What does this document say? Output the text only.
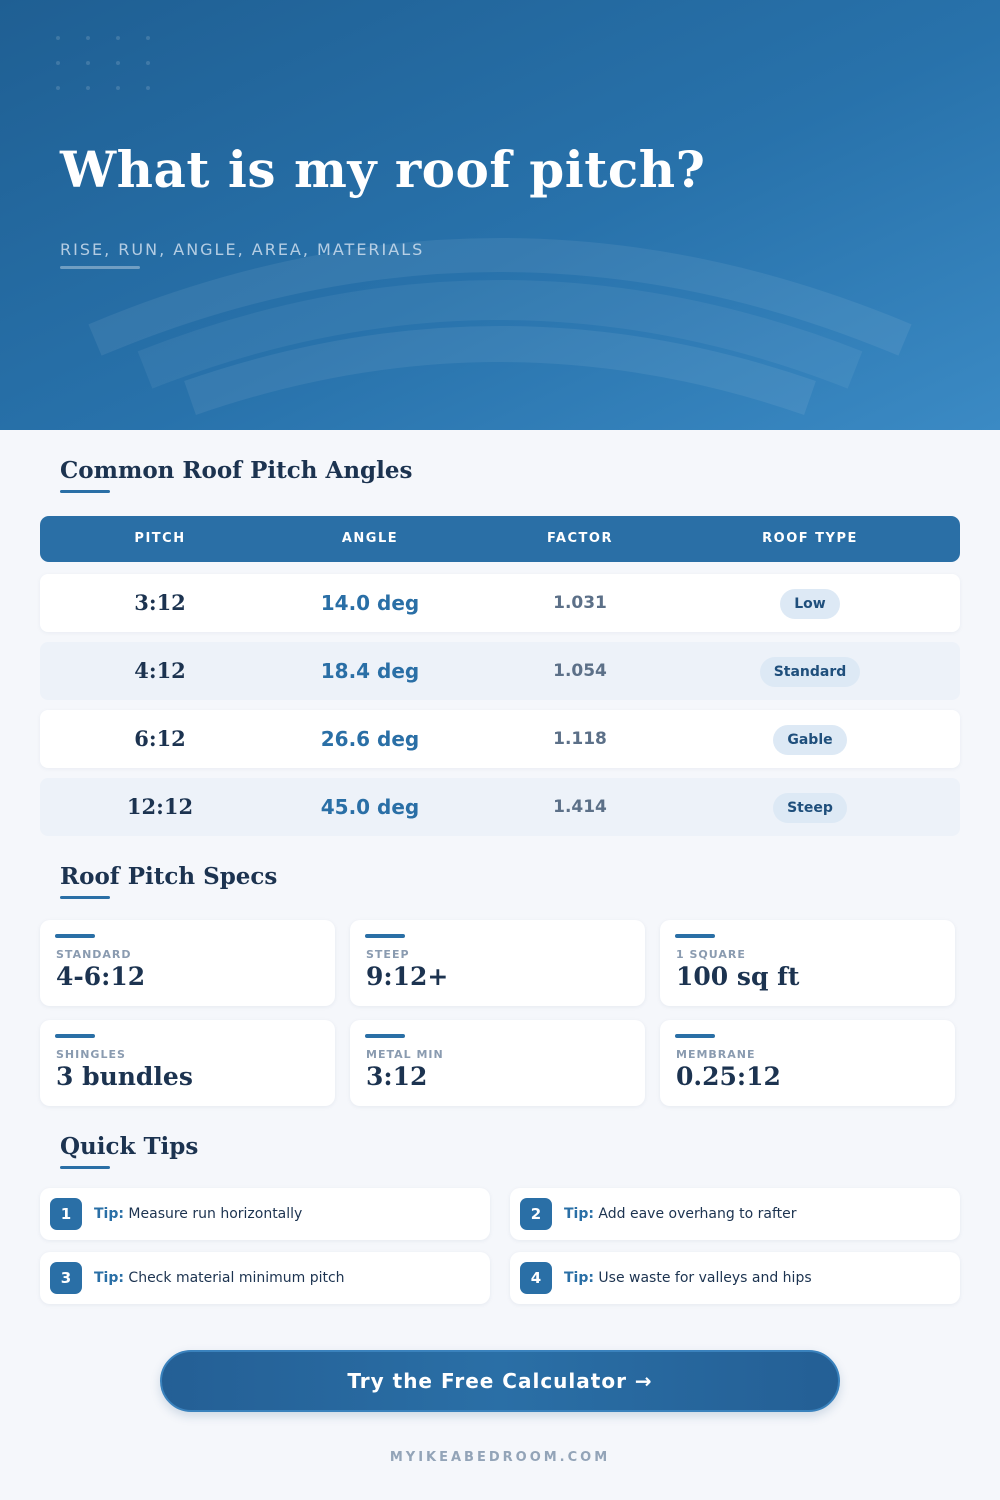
What is my roof pitch?
RISE, RUN, ANGLE, AREA, MATERIALS
Common Roof Pitch Angles
PITCH	ANGLE	FACTOR	ROOF TYPE
3:12	14.0 deg	1.031	Low
4:12	18.4 deg	1.054	Standard
6:12	26.6 deg	1.118	Gable
12:12	45.0 deg	1.414	Steep
Roof Pitch Specs
STANDARD
4-6:12
STEEP
9:12+
1 SQUARE
100 sq ft
SHINGLES
3 bundles
METAL MIN
3:12
MEMBRANE
0.25:12
Quick Tips
1	Tip: Measure run horizontally	2	Tip: Add eave overhang to rafter
3	Tip: Check material minimum pitch	4	Tip: Use waste for valleys and hips
Try the Free Calculator →
MYIKEABEDROOM.COM
